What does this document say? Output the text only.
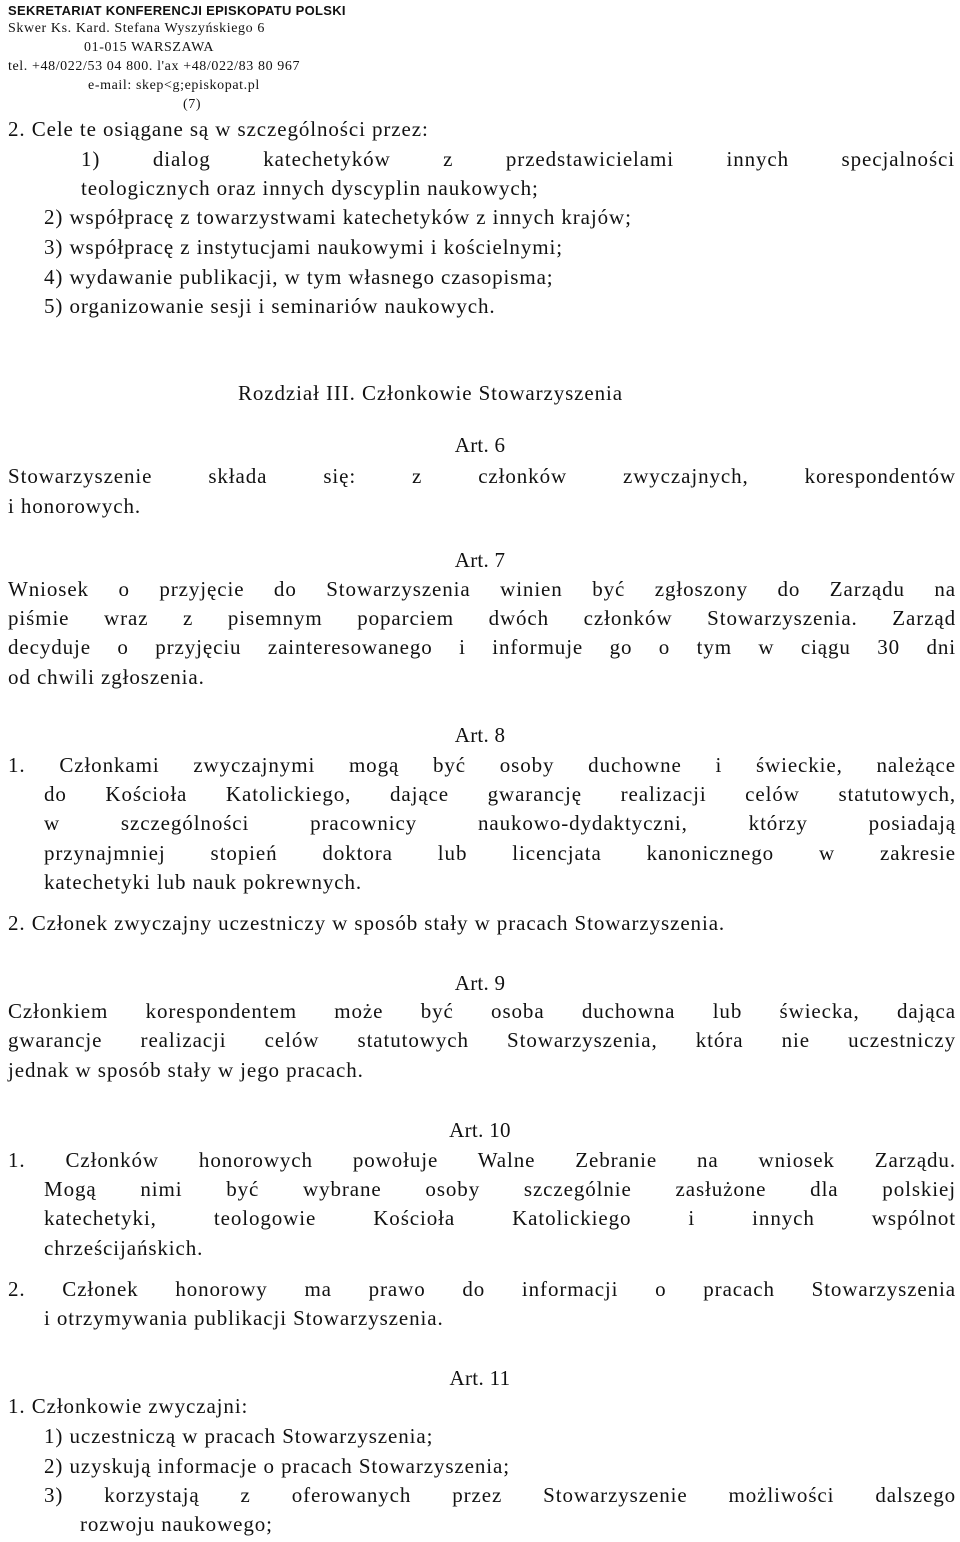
SEKRETARIAT KONFERENCJI EPISKOPATU POLSKI
Skwer Ks. Kard. Stefana Wyszyńskiego 6
01-015 WARSZAWA
tel. +48/022/53 04 800. l'ax +48/022/83 80 967
e-mail: skep<g;episkopat.pl
(7)
2. Cele te osiągane są w szczególności przez:
1) dialog katechetyków z przedstawicielami innych specjalności
teologicznych oraz innych dyscyplin naukowych;
2) współpracę z towarzystwami katechetyków z innych krajów;
3) współpracę z instytucjami naukowymi i kościelnymi;
4) wydawanie publikacji, w tym własnego czasopisma;
5) organizowanie sesji i seminariów naukowych.
Rozdział III. Członkowie Stowarzyszenia
Art. 6
Stowarzyszenie składa się: z członków zwyczajnych, korespondentów
i honorowych.
Art. 7
Wniosek o przyjęcie do Stowarzyszenia winien być zgłoszony do Zarządu na
piśmie wraz z pisemnym poparciem dwóch członków Stowarzyszenia. Zarząd
decyduje o przyjęciu zainteresowanego i informuje go o tym w ciągu 30 dni
od chwili zgłoszenia.
Art. 8
1. Członkami zwyczajnymi mogą być osoby duchowne i świeckie, należące
do Kościoła Katolickiego, dające gwarancję realizacji celów statutowych,
w szczególności pracownicy naukowo-dydaktyczni, którzy posiadają
przynajmniej stopień doktora lub licencjata kanonicznego w zakresie
katechetyki lub nauk pokrewnych.
2. Członek zwyczajny uczestniczy w sposób stały w pracach Stowarzyszenia.
Art. 9
Członkiem korespondentem może być osoba duchowna lub świecka, dająca
gwarancje realizacji celów statutowych Stowarzyszenia, która nie uczestniczy
jednak w sposób stały w jego pracach.
Art. 10
1. Członków honorowych powołuje Walne Zebranie na wniosek Zarządu.
Mogą nimi być wybrane osoby szczególnie zasłużone dla polskiej
katechetyki, teologowie Kościoła Katolickiego i innych wspólnot
chrześcijańskich.
2. Członek honorowy ma prawo do informacji o pracach Stowarzyszenia
i otrzymywania publikacji Stowarzyszenia.
Art. 11
1. Członkowie zwyczajni:
1) uczestniczą w pracach Stowarzyszenia;
2) uzyskują informacje o pracach Stowarzyszenia;
3) korzystają z oferowanych przez Stowarzyszenie możliwości dalszego
rozwoju naukowego;
